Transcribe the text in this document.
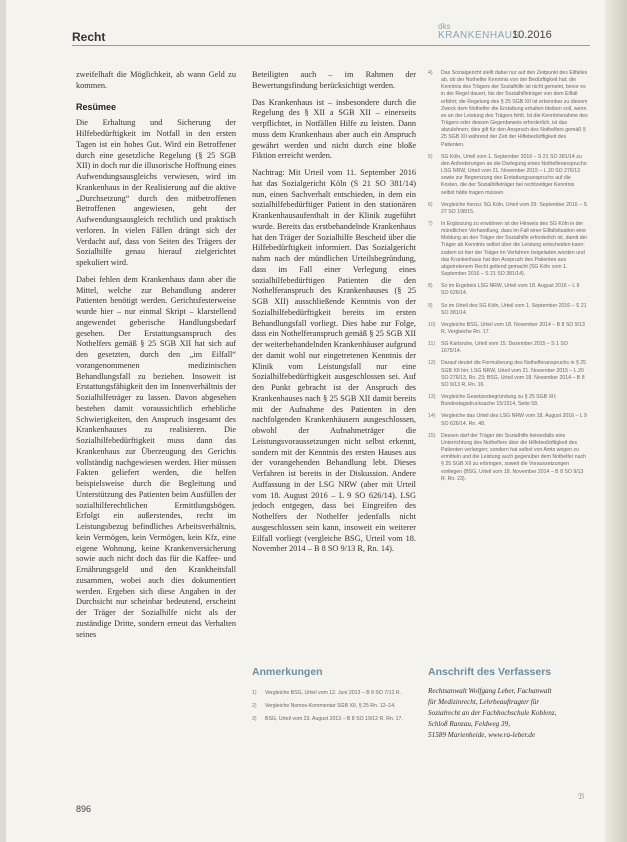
Recht
dks
KRANKENHAUS
10.2016

zweifelhaft die Möglichkeit, ab wann Geld zu kommen.

Resümee

Die Erhaltung und Sicherung der Hilfebedürftigkeit im Notfall in den ersten Tagen ist ein hohes Gut. Wird ein Betroffener durch eine gesetzliche Regelung (§ 25 SGB XII) in doch nur die illusorische Hoffnung eines Aufwendungsausgleichs verwiesen, wird im Krankenhaus in der Realisierung auf die aktive „Durchsetzung“ durch den mitbetroffenen Betroffenen angewiesen, geht der Aufwendungsausgleich rechtlich und praktisch verloren. In vielen Fällen drängt sich der Verdacht auf, dass von Seiten des Trägers der Sozialhilfe genau hierauf zielgerichtet spekuliert wird.

Dabei fehlen dem Krankenhaus dann aber die Mittel, welche zur Behandlung anderer Patienten benötigt werden. Gerichtsfesterweise wurde hier – nur einmal Skript – klarstellend angewendet geberische Handlungsbedarf gesehen. Der Erstattungsanspruch des Nothelfers gemäß § 25 SGB XII hat sich auf den gesetzten, durch den „im Eilfall“ vorangenommenen medizinischen Behandlungsfall zu beziehen. Insoweit ist Erstattungsfähigkeit den im Innenverhältnis der Sozialhilfeträger zu lassen. Davon abgesehen bestehen damit voraussichtlich erhebliche Schwierigkeiten, den Anspruch insgesamt des Krankenhauses zu realisieren. Die Sozialhilfebedürftigkeit muss dann das Krankenhaus zur Überzeugung des Gerichts vollständig nachgewiesen werden. Hier müssen Fakten geliefert werden, die helfen beispielsweise durch die Begleitung und Unterstützung des Patienten beim Ausfüllen der sozialhilferechtlichen Ermittlungsbögen. Erfolgt ein außerstendes, recht im Leistungsbezug befindliches Arbeitsverhältnis, kein Vermögen, kein Vermögen, kein Kfz, eine eigene Wohnung, keine Krankenversicherung sowie auch nicht doch das für die Kaffee- und Ernährungsgeld und den Krankheitsfall zusammen, wobei auch dies dokumentiert werden. Ergeben sich diese Angaben in der Durchsicht nur scheinbar bedeutend, erscheint der Träger der Sozialhilfe nicht als der zuständige Dritte, sondern erneut das Verhalten seines

Beteiligten auch – im Rahmen der Bewertungsfindung berücksichtigt werden.

Das Krankenhaus ist – insbesondere durch die Regelung des § XII a SGB XII – einerseits verpflichtet, in Notfällen Hilfe zu leisten. Dann muss dem Krankenhaus aber auch ein Anspruch gewährt werden und nicht durch eine bloße Fiktion erreicht werden.

Nachtrag: Mit Urteil vom 11. September 2016 hat das Sozialgericht Köln (S 21 SO 381/14) nun, einen Sachverhalt entschieden, in dem ein sozialhilfebedürftiger Patient in den stationären Krankenhausaufenthalt in der Klinik zugeführt wurde. Bereits das erstbehandelnde Krankenhaus hat den Träger der Sozialhilfe Bescheid über die Hilfebedürftigkeit informiert. Das Sozialgericht nahm nach der mündlichen Urteilsbegründung, dass im Fall einer Verlegung eines sozialhilfebedürftigen Patienten die den Nothelferanspruch des Krankenhauses (§ 25 SGB XII) ausschließende Kenntnis von der Sozialhilfebedürftigkeit bereits im ersten Behandlungsfall vorliegt. Dies habe zur Folge, dass ein Nothelferanspruch gemäß § 25 SGB XII der weiterbehandelnden Krankenhäuser aufgrund der damit wohl nur eingetretenen Kenntnis der Klinik vom Leistungsfall nur eine Sozialhilfebedürftigkeit ausgeschlossen sei. Auf den Punkt gebracht ist der Anspruch des Krankenhauses nach § 25 SGB XII damit bereits mit der Aufnahme des Patienten in den nachfolgenden Krankenhäusern ausgeschlossen, obwohl der Aufnahmeträger die Leistungsvoraussetzungen nicht selbst erkennt, sondern mit der Kenntnis des ersten Hauses aus der vorangehenden Behandlung lebt. Dieses Verfahren ist bereits in der Diskussion. Andere Auffassung in der LSG NRW (aber mit Urteil vom 18. August 2016 – L 9 SO 626/14). LSG jedoch entgegen, dass bei Eingreifen des Nothelfers der Nothelfer jedenfalls nicht ausgeschlossen sein kann, insoweit ein weiterer Eilfall vorliegt (vergleiche BSG, Urteil vom 18. November 2014 – B 8 SO 9/13 R, Rn. 14).

4)	Das Sozialgericht stellt dabei nur auf den Zeitpunkt des Eilfalles ab, ob der Nothelfer Kenntnis von der Bedürftigkeit hat; die Kenntnis des Trägers der Sozialhilfe ist nicht gemeint, bevor es in der Regel dauert, bis der Sozialhilfeträger von dem Eilfall erfährt; die Regelung des § 25 SGB XII ist erkennbar zu diesem Zweck dem Nothelfer die Erstattung erhalten bleiben soll, wenn es an der Leistung des Trägers fehlt. Ist die Kenntnisnahme des Trägers oder dessen Gegenbeweis erforderlich, ist das abzulehnen; dies gilt für den Anspruch des Nothelfers gemäß § 25 SGB XII während der Zeit der Hilfebedürftigkeit des Patienten.
5)	SG Köln, Urteil vom 1. September 2016 – S 21 SO 381/14 zu den Anforderungen an die Darlegung eines Nothelferanspruchs: LSG NRW, Urteil vom 21. November 2015 – L 20 SO 276/13 sowie zur Begrenzung des Erstattungsanspruchs auf die Kosten, die der Sozialhilfeträger bei rechtzeitiger Kenntnis selbst hätte tragen müssen.
6)	Vergleiche hierzu: SG Köln, Urteil vom 29. September 2016 – S 27 SO 198/15.
7)	In Ergänzung zu erwähnen ist der Hinweis des SG Köln in der mündlichen Verhandlung, dass im Fall einer Eilfallsituation eine Meldung an den Träger der Sozialhilfe erforderlich ist, damit der Träger ab Kenntnis selbst über die Leistung entscheiden kann; zudem ist hier der Träger im Verfahren beigeladen worden und das Krankenhaus hat den Anspruch des Patienten aus abgetretenem Recht geltend gemacht (SG Köln vom 1. September 2016 – S 21 SO 381/14).
8)	So im Ergebnis LSG NRW, Urteil vom 18. August 2016 – L 9 SO 626/14.
9)	So im Urteil des SG Köln, Urteil vom 1. September 2016 – S 21 SO 381/14.
10)	Vergleiche BSG, Urteil vom 18. November 2014 – B 8 SO 9/13 R, Vergleiche Rn. 17.
11)	SG Karlsruhe, Urteil vom 15. Dezember 2015 – S 1 SO 1675/14.
12)	Darauf deutet die Formulierung des Nothelferanspruchs in § 25 SGB XII hin; LSG NRW, Urteil vom 21. November 2015 – L 20 SO 276/13, Rn. 23; BSG, Urteil vom 18. November 2014 – B 8 SO 9/13 R, Rn. 16.
13)	Vergleiche Gesetzesbegründung zu § 25 SGB XII; Bundestagsdrucksache 15/1514, Seite 58.
14)	Vergleiche das Urteil des LSG NRW vom 18. August 2016 – L 9 SO 626/14, Rn. 48.
15)	Dessen darf der Träger der Sozialhilfe keinesfalls eine Unterrichtung des Nothelfers über die Hilfebedürftigkeit des Patienten verlangen; sondern hat selbst von Amts wegen zu ermitteln und die Leistung auch gegenüber dem Nothelfer nach § 25 SGB XII zu erbringen, soweit die Voraussetzungen vorliegen (BSG, Urteil vom 18. November 2014 – B 8 SO 9/13 R, Rn. 23).
Anmerkungen
1)	Vergleiche BSG, Urteil vom 12. Juni 2013 – B 8 SO 7/12 R.
2)	Vergleiche Nomos-Kommentar SGB XII, § 25 Rn. 12–14.
3)	BSG, Urteil vom 23. August 2013 – B 8 SO 19/12 R, Rn. 17.
Anschrift des Verfassers
Rechtsanwalt Wolfgang Leber, Fachanwalt
für Medizinrecht, Lehrbeauftragter für
Sozialrecht an der Fachhochschule Koblenz,
Schloß Ranzau, Feldweg 39,
51589 Marienheide, www.ra-leber.de
896
ℬ
